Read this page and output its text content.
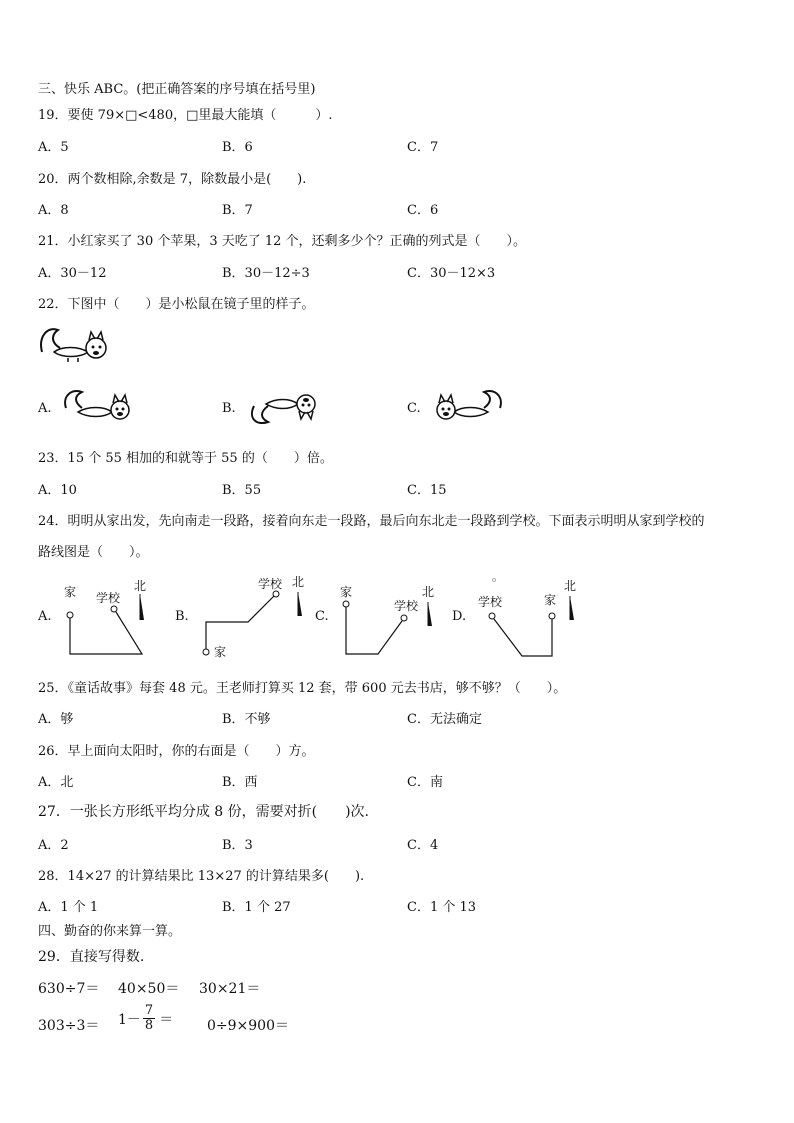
三、快乐 ABC。(把正确答案的序号填在括号里)
19．要使 79×□<480，□里最大能填（　　　）.
A．5	B．6	C．7
20．两个数相除,余数是 7，除数最小是(　　).
A．8	B．7	C．6
21．小红家买了 30 个苹果，3 天吃了 12 个，还剩多少个？正确的列式是（　　）。
A．30－12	B．30－12÷3	C．30－12×3
22．下图中（　　）是小松鼠在镜子里的样子。
A.	B.	C.
23．15 个 55 相加的和就等于 55 的（　　）倍。
A．10	B．55	C．15
24．明明从家出发，先向南走一段路，接着向东走一段路，最后向东北走一段路到学校。下面表示明明从家到学校的
路线图是（　　）。
A.
家 学校
北
B.
学校 北
家
C.
家
学校
北
D.
学校	家
北
25．《童话故事》每套 48 元。王老师打算买 12 套，带 600 元去书店，够不够？（　　）。
A．够	B．不够	C．无法确定
26．早上面向太阳时，你的右面是（　　）方。
A．北	B．西	C．南
27．一张长方形纸平均分成 8 份，需要对折(　　)次.
A．2	B．3	C．4
28．14×27 的计算结果比 13×27 的计算结果多(　　).
A．1 个 1	B．1 个 27	C．1 个 13
四、勤奋的你来算一算。
29．直接写得数.
630÷7＝ 40×50＝ 30×21＝
$303\div 3= 1- \frac{7}{8} = 0\div 9\times 900=$
